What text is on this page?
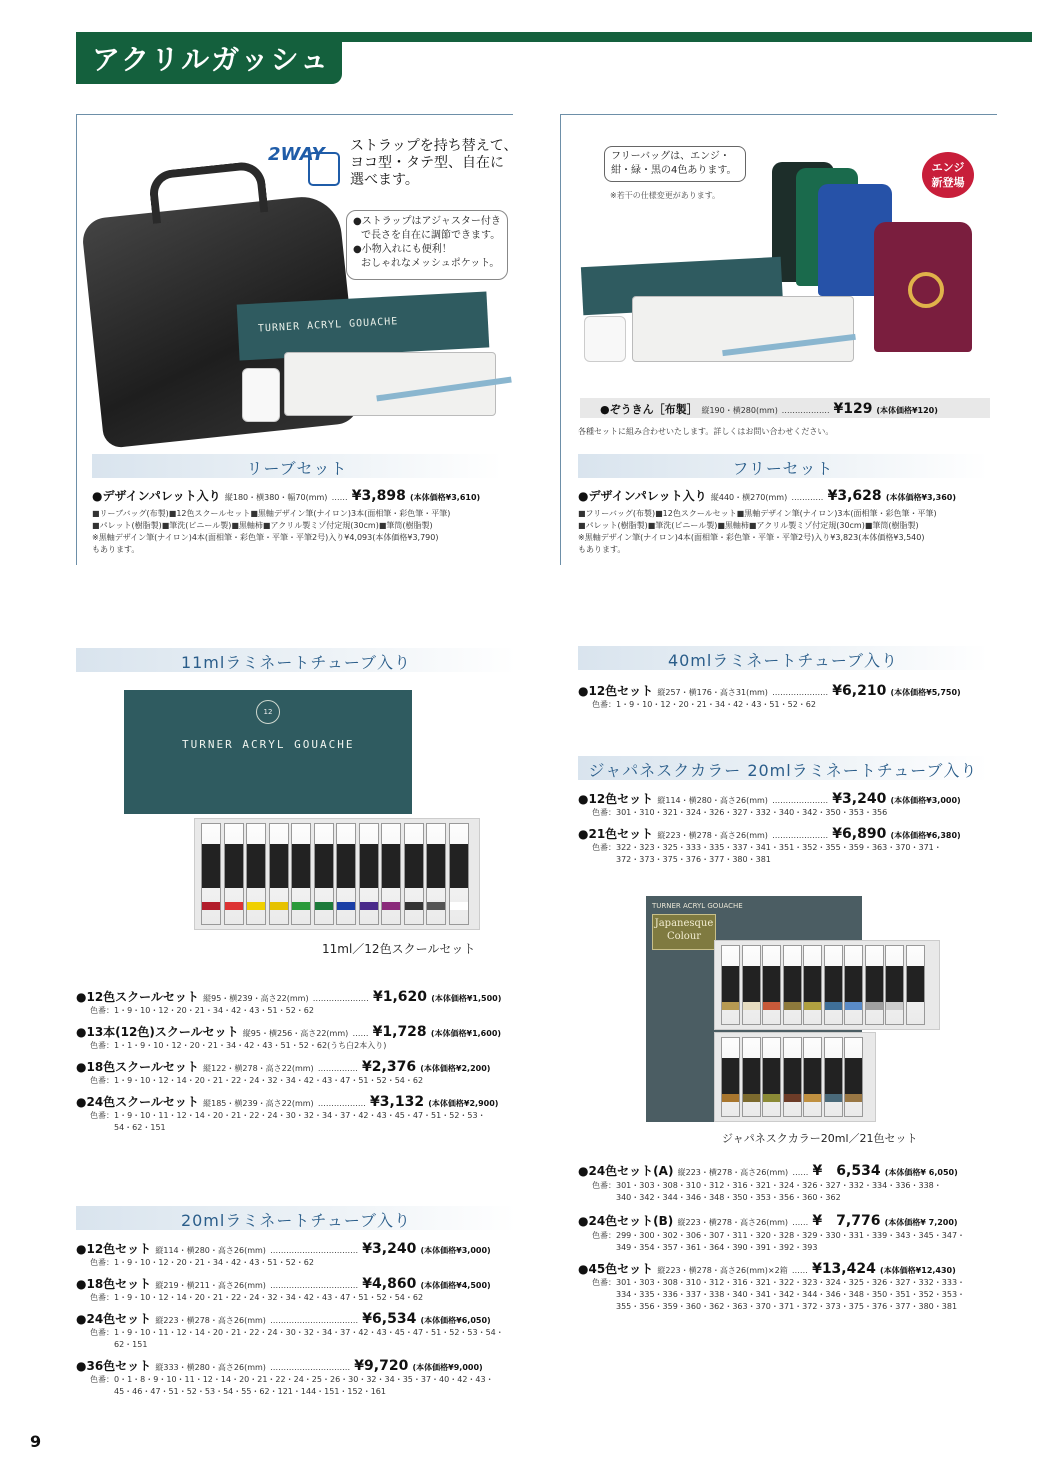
アクリルガッシュ
2WAY ストラップを持ち替えて、
ヨコ型・タテ型、自在に
選べます。
●ストラップはアジャスター付き
で長さを自在に調節できます。
●小物入れにも便利！
おしゃれなメッシュポケット。
TURNER ACRYL GOUACHE
リーブセット
●デザインパレット入り 縦180・横380・幅70(mm) …… ¥3,898 (本体価格¥3,610)
■リーブバッグ(布製)■12色スクールセット■黒軸デザイン筆(ナイロン)3本(面相筆・彩色筆・平筆)
■パレット(樹脂製)■筆洗(ビニール製)■黒軸柿■アクリル製ミゾ付定規(30cm)■筆筒(樹脂製)
※黒軸デザイン筆(ナイロン)4本(面相筆・彩色筆・平筆・平筆2号)入り¥4,093(本体価格¥3,790)
もあります。
フリーバッグは、エンジ・
紺・緑・黒の4色あります。
※若干の仕様変更があります。
エンジ
新登場
●ぞうきん［布製］ 縦190・横280(mm) ……………… ¥129 (本体価格¥120)
各種セットに組み合わせいたします。詳しくはお問い合わせください。
フリーセット
●デザインパレット入り 縦440・横270(mm) ………… ¥3,628 (本体価格¥3,360)
■フリーバッグ(布製)■12色スクールセット■黒軸デザイン筆(ナイロン)3本(面相筆・彩色筆・平筆)
■パレット(樹脂製)■筆洗(ビニール製)■黒軸柿■アクリル製ミゾ付定規(30cm)■筆筒(樹脂製)
※黒軸デザイン筆(ナイロン)4本(面相筆・彩色筆・平筆・平筆2号)入り¥3,823(本体価格¥3,540)
もあります。
11mlラミネートチューブ入り
12
TURNER ACRYL GOUACHE
11ml／12色スクールセット
●12色スクールセット 縦95・横239・高さ22(mm) ………………… ¥1,620 (本体価格¥1,500)
色番：1・9・10・12・20・21・34・42・43・51・52・62
●13本(12色)スクールセット 縦95・横256・高さ22(mm) …… ¥1,728 (本体価格¥1,600)
色番：1・1・9・10・12・20・21・34・42・43・51・52・62(うち白2本入り)
●18色スクールセット 縦122・横278・高さ22(mm) …………… ¥2,376 (本体価格¥2,200)
色番：1・9・10・12・14・20・21・22・24・32・34・42・43・47・51・52・54・62
●24色スクールセット 縦185・横239・高さ22(mm) ……………… ¥3,132 (本体価格¥2,900)
色番：1・9・10・11・12・14・20・21・22・24・30・32・34・37・42・43・45・47・51・52・53・
54・62・151
20mlラミネートチューブ入り
●12色セット 縦114・横280・高さ26(mm) …………………………… ¥3,240 (本体価格¥3,000)
色番：1・9・10・12・20・21・34・42・43・51・52・62
●18色セット 縦219・横211・高さ26(mm) …………………………… ¥4,860 (本体価格¥4,500)
色番：1・9・10・12・14・20・21・22・24・32・34・42・43・47・51・52・54・62
●24色セット 縦223・横278・高さ26(mm) …………………………… ¥6,534 (本体価格¥6,050)
色番：1・9・10・11・12・14・20・21・22・24・30・32・34・37・42・43・45・47・51・52・53・54・
62・151
●36色セット 縦333・横280・高さ26(mm) ………………………… ¥9,720 (本体価格¥9,000)
色番：0・1・8・9・10・11・12・14・20・21・22・24・25・26・30・32・34・35・37・40・42・43・
45・46・47・51・52・53・54・55・62・121・144・151・152・161
40mlラミネートチューブ入り
●12色セット 縦257・横176・高さ31(mm) ………………… ¥6,210 (本体価格¥5,750)
色番：1・9・10・12・20・21・34・42・43・51・52・62
ジャパネスクカラー 20mlラミネートチューブ入り
●12色セット 縦114・横280・高さ26(mm) ………………… ¥3,240 (本体価格¥3,000)
色番：301・310・321・324・326・327・332・340・342・350・353・356
●21色セット 縦223・横278・高さ26(mm) ………………… ¥6,890 (本体価格¥6,380)
色番：322・323・325・333・335・337・341・351・352・355・359・363・370・371・
372・373・375・376・377・380・381
TURNER ACRYL GOUACHE
Japanesque
Colour
ジャパネスクカラー20ml／21色セット
●24色セット(A) 縦223・横278・高さ26(mm) …… ¥　6,534 (本体価格¥ 6,050)
色番：301・303・308・310・312・316・321・324・326・327・332・334・336・338・
340・342・344・346・348・350・353・356・360・362
●24色セット(B) 縦223・横278・高さ26(mm) …… ¥　7,776 (本体価格¥ 7,200)
色番：299・300・302・306・307・311・320・328・329・330・331・339・343・345・347・
349・354・357・361・364・390・391・392・393
●45色セット 縦223・横278・高さ26(mm)×2箱 …… ¥13,424 (本体価格¥12,430)
色番：301・303・308・310・312・316・321・322・323・324・325・326・327・332・333・
334・335・336・337・338・340・341・342・344・346・348・350・351・352・353・
355・356・359・360・362・363・370・371・372・373・375・376・377・380・381
9
